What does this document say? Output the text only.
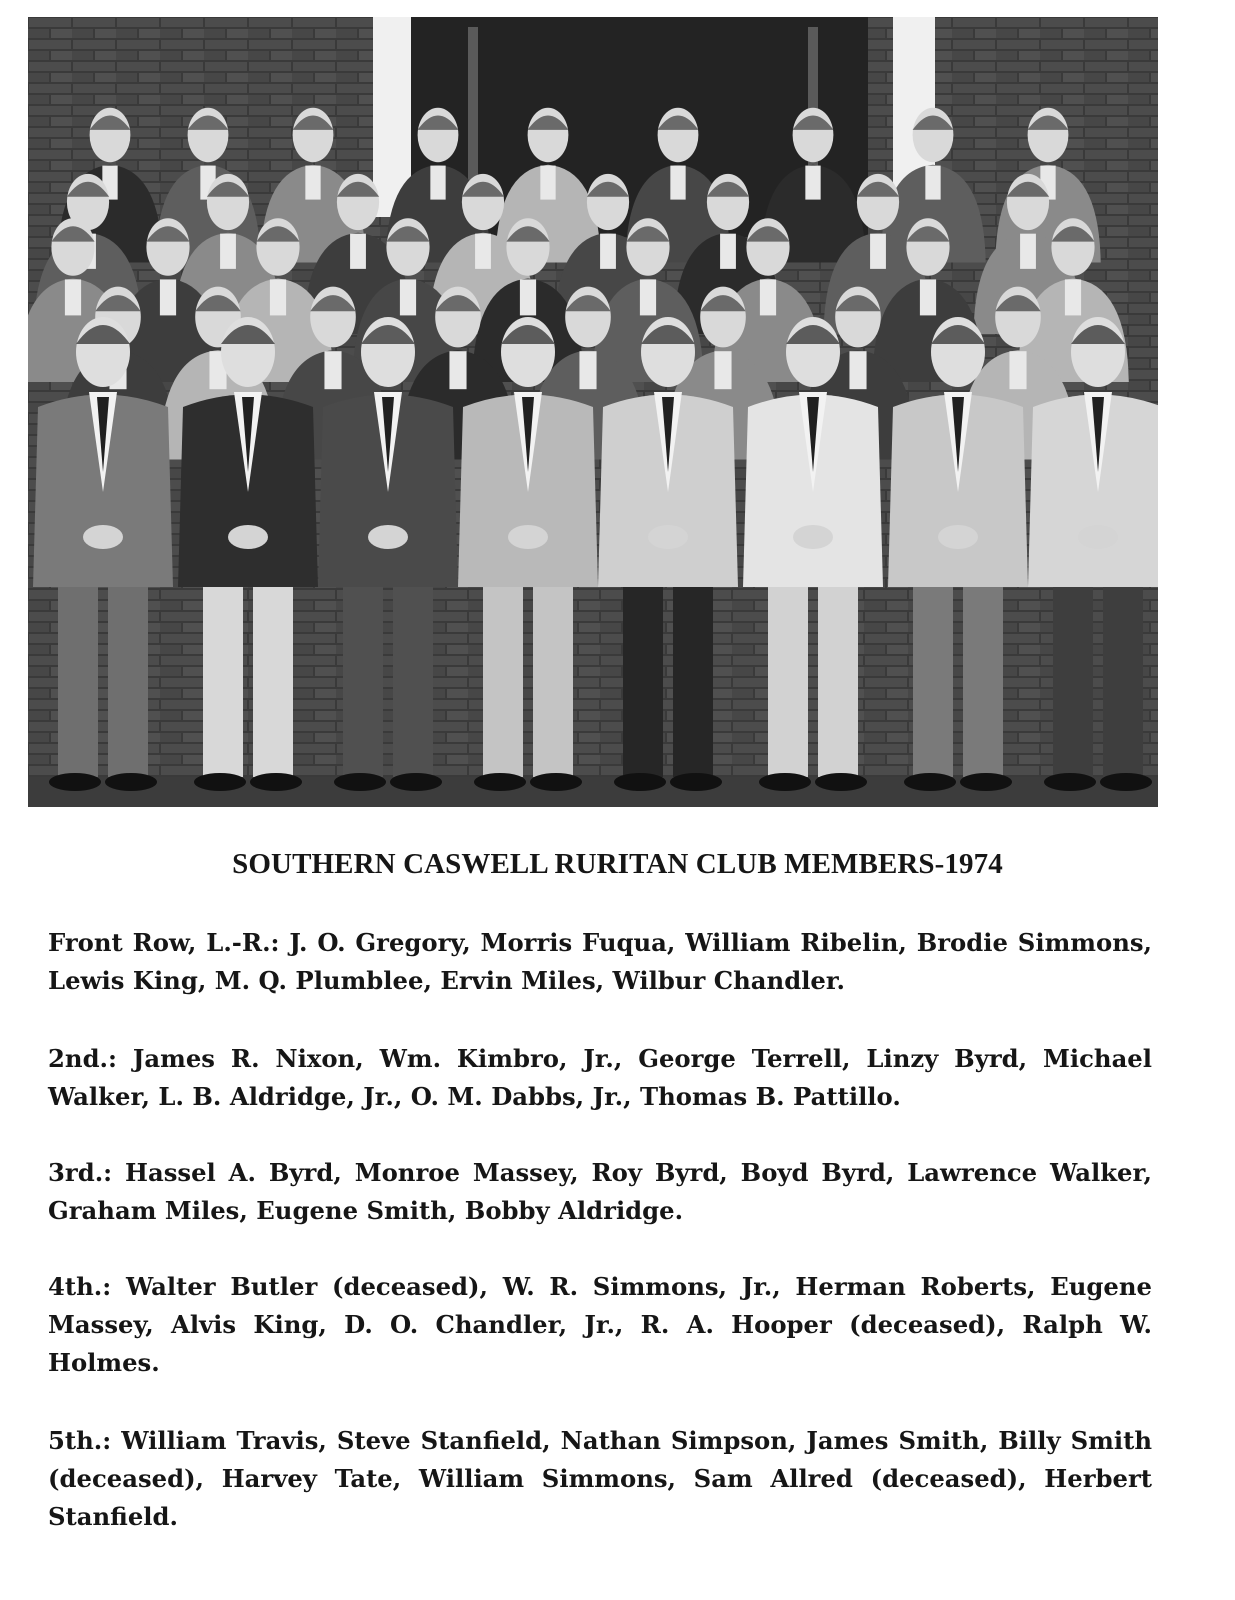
SOUTHERN CASWELL RURITAN CLUB MEMBERS-1974
Front Row, L.-R.: J. O. Gregory, Morris Fuqua, William Ribelin, Brodie Simmons, Lewis King, M. Q. Plumblee, Ervin Miles, Wilbur Chandler.
2nd.: James R. Nixon, Wm. Kimbro, Jr., George Terrell, Linzy Byrd, Michael Walker, L. B. Aldridge, Jr., O. M. Dabbs, Jr., Thomas B. Pattillo.
3rd.: Hassel A. Byrd, Monroe Massey, Roy Byrd, Boyd Byrd, Lawrence Walker, Graham Miles, Eugene Smith, Bobby Aldridge.
4th.: Walter Butler (deceased), W. R. Simmons, Jr., Herman Roberts, Eugene Massey, Alvis King, D. O. Chandler, Jr., R. A. Hooper (deceased), Ralph W. Holmes.
5th.: William Travis, Steve Stanfield, Nathan Simpson, James Smith, Billy Smith (deceased), Harvey Tate, William Simmons, Sam Allred (deceased), Herbert Stanfield.
